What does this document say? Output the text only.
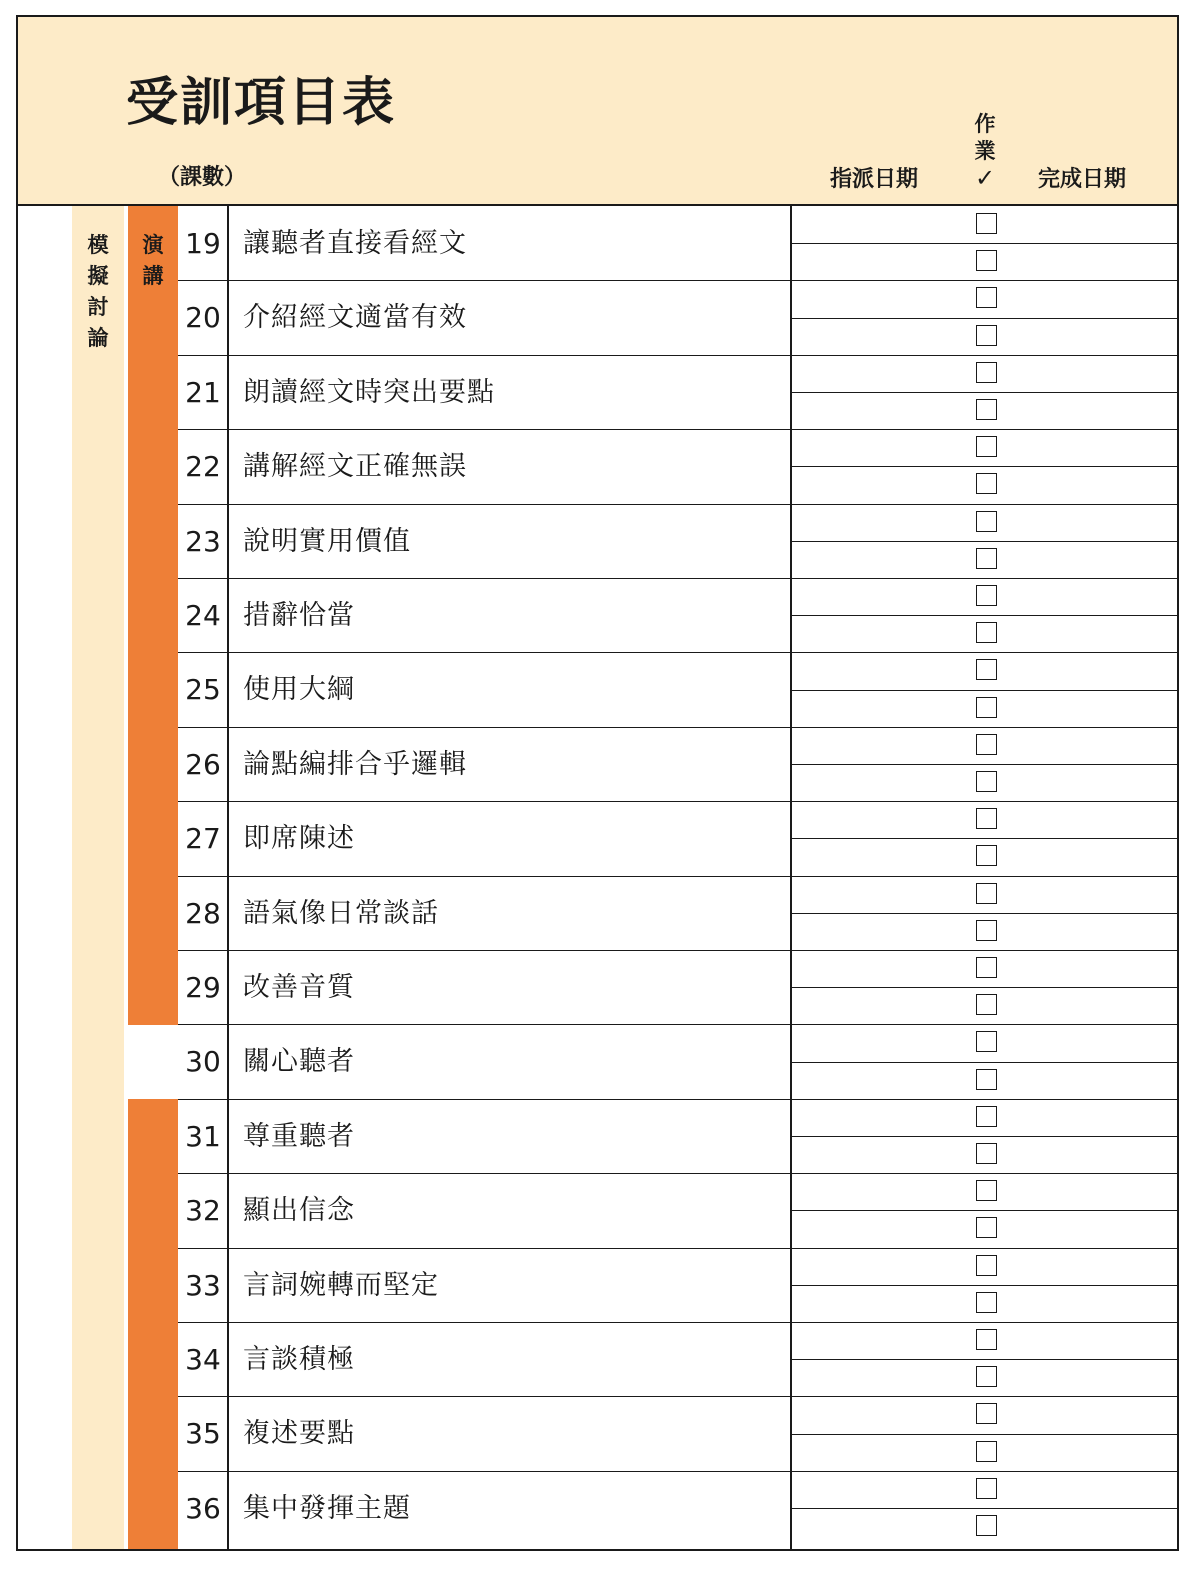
受訓項目表
（課數）	指派日期
作
業
✓ 完成日期
模
擬
討
論
演
講
19 讓聽者直接看經文
20 介紹經文適當有效
21 朗讀經文時突出要點
22 講解經文正確無誤
23 說明實用價值
24 措辭恰當
25 使用大綱
26 論點編排合乎邏輯
27 即席陳述
28 語氣像日常談話
29 改善音質
30 關心聽者
31 尊重聽者
32 顯出信念
33 言詞婉轉而堅定
34 言談積極
35 複述要點
36 集中發揮主題
